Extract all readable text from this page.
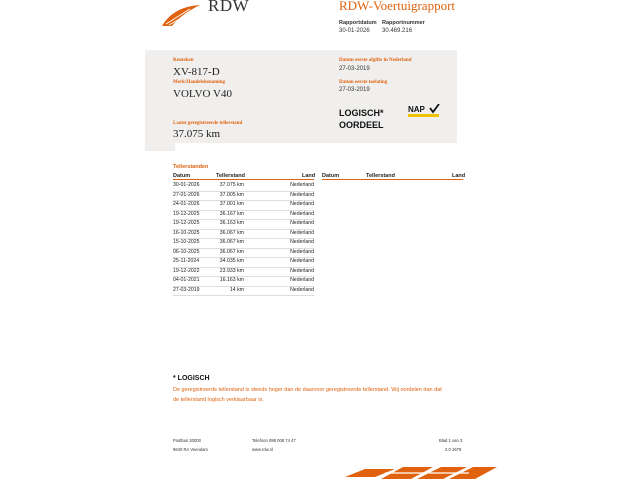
RDW	RDW-Voertuigrapport
Rapportdatum
30-01-2026
Rapportnummer
30.469.216
Kenteken
XV-817-D
Merk/Handelsbenaming
VOLVO V40
Laatst geregistreerde tellerstand
37.075 km
Datum eerste afgifte in Nederland
27-03-2019
Datum eerste toelating
27-03-2019
LOGISCH*
OORDEEL
NAP
Tellerstanden
Datum	Tellerstand	Land Datum	Tellerstand	Land
30-01-2026	37.075 km	Nederland
27-01-2026	37.005 km	Nederland
24-01-2026	37.001 km	Nederland
19-12-2025	36.167 km	Nederland
19-12-2025	36.163 km	Nederland
16-10-2025	36.067 km	Nederland
15-10-2025	36.067 km	Nederland
06-10-2025	36.067 km	Nederland
25-11-2024	34.035 km	Nederland
19-12-2022	23.933 km	Nederland
04-01-2021	16.163 km	Nederland
27-03-2019	14 km	Nederland
* LOGISCH
De geregistreerde tellerstand is steeds hoger dan de daarvoor geregistreerde tellerstand. Wij oordelen dan dat de tellerstand logisch verklaarbaar is.
Postbus 30000
9640 RA Veendam
Telefoon 088 008 74 47
www.rdw.nl
Blad 1 van 3
2.0 1679
